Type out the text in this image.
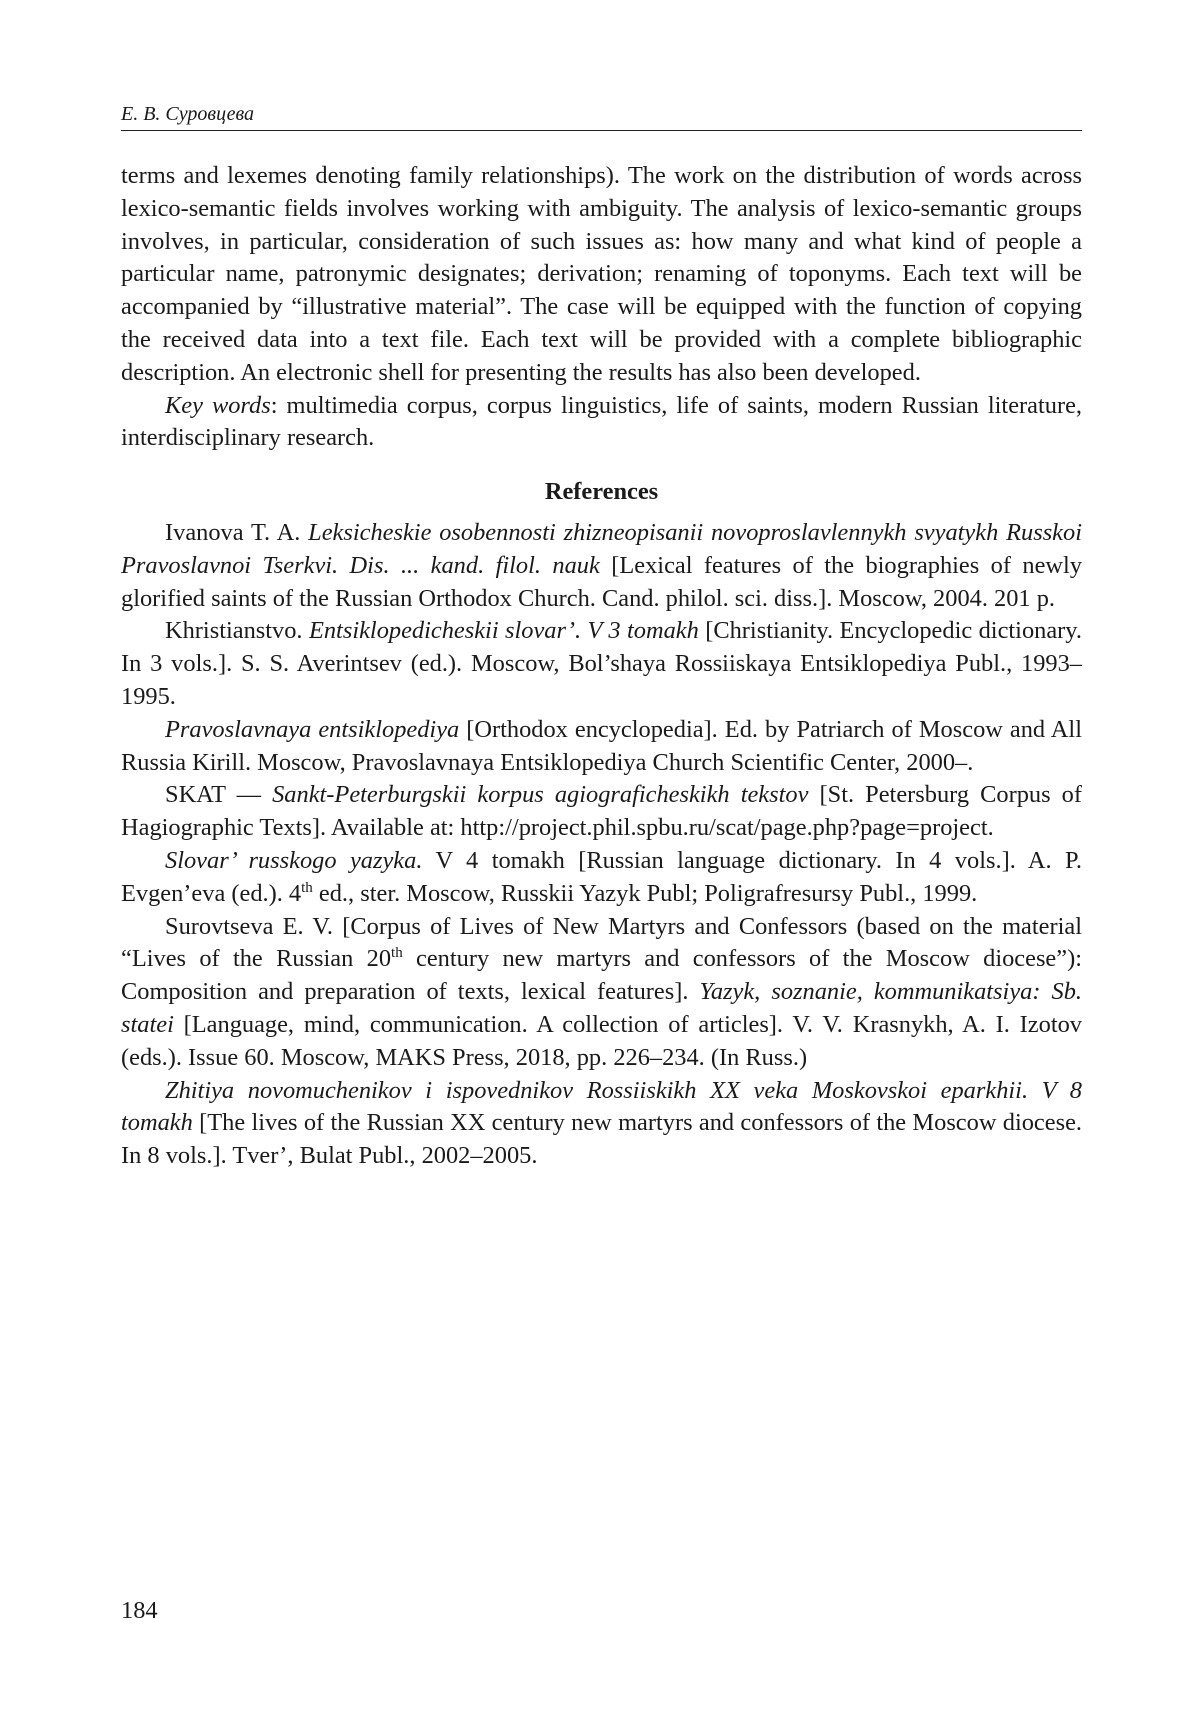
Е. В. Суровцева

terms and lexemes denoting family relationships). The work on the distribution of words across lexico-semantic fields involves working with ambiguity. The analysis of lexico-semantic groups involves, in particular, consideration of such issues as: how many and what kind of people a particular name, patronymic designates; derivation; renaming of toponyms. Each text will be accompanied by “illustrative material”. The case will be equipped with the function of copying the received data into a text file. Each text will be provided with a complete bibliographic description. An electronic shell for presenting the results has also been developed.

Key words: multimedia corpus, corpus linguistics, life of saints, modern Russian literature, interdisciplinary research.

References

Ivanova T. A. Leksicheskie osobennosti zhizneopisanii novoproslavlennykh svyatykh Russkoi Pravoslavnoi Tserkvi. Dis. ... kand. filol. nauk [Lexical features of the biographies of newly glorified saints of the Russian Orthodox Church. Cand. philol. sci. diss.]. Moscow, 2004. 201 p.

Khristianstvo. Entsiklopedicheskii slovar’. V 3 tomakh [Christianity. Encyclopedic dictionary. In 3 vols.]. S. S. Averintsev (ed.). Moscow, Bol’shaya Rossiiskaya Entsiklopediya Publ., 1993–1995.

Pravoslavnaya entsiklopediya [Orthodox encyclopedia]. Ed. by Patriarch of Moscow and All Russia Kirill. Moscow, Pravoslavnaya Entsiklopediya Church Scientific Center, 2000–.

SKAT — Sankt-Peterburgskii korpus agiograficheskikh tekstov [St. Petersburg Corpus of Hagiographic Texts]. Available at: http://project.phil.spbu.ru/scat/page.php?page=project.

Slovar’ russkogo yazyka. V 4 tomakh [Russian language dictionary. In 4 vols.]. A. P. Evgen’eva (ed.). 4th ed., ster. Moscow, Russkii Yazyk Publ; Poligrafresursy Publ., 1999.

Surovtseva E. V. [Corpus of Lives of New Martyrs and Confessors (based on the material “Lives of the Russian 20th century new martyrs and confessors of the Moscow diocese”): Composition and preparation of texts, lexical features]. Yazyk, soznanie, kommunikatsiya: Sb. statei [Language, mind, communication. A collection of articles]. V. V. Krasnykh, A. I. Izotov (eds.). Issue 60. Moscow, MAKS Press, 2018, pp. 226–234. (In Russ.)

Zhitiya novomuchenikov i ispovednikov Rossiiskikh XX veka Moskovskoi eparkhii. V 8 tomakh [The lives of the Russian XX century new martyrs and confessors of the Moscow diocese. In 8 vols.]. Tver’, Bulat Publ., 2002–2005.

184
